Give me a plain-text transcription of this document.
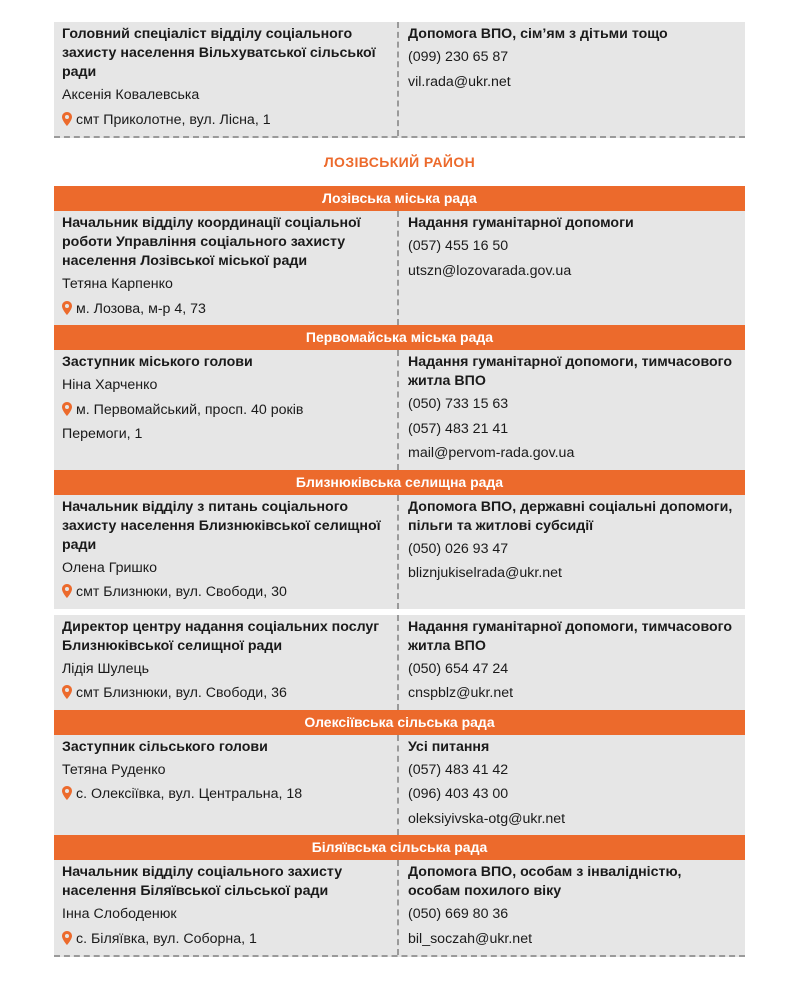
Головний спеціаліст відділу соціального захисту населення Вільхуватської сільської ради

Аксенія Ковалевська

смт Приколотне, вул. Лісна, 1

Допомога ВПО, сім’ям з дітьми тощо

(099) 230 65 87

vil.rada@ukr.net

ЛОЗІВСЬКИЙ РАЙОН
Лозівська міська рада

Начальник відділу координації соціальної роботи Управління соціального захисту населення Лозівської міської ради

Тетяна Карпенко

м. Лозова, м-р 4, 73

Надання гуманітарної допомоги

(057) 455 16 50

utszn@lozovarada.gov.ua

Первомайська міська рада

Заступник міського голови

Ніна Харченко

м. Первомайський, просп. 40 років

Перемоги, 1

Надання гуманітарної допомоги, тимчасового житла ВПО

(050) 733 15 63

(057) 483 21 41

mail@pervom-rada.gov.ua

Близнюківська селищна рада

Начальник відділу з питань соціального захисту населення Близнюківської селищної ради

Олена Гришко

смт Близнюки, вул. Свободи, 30

Допомога ВПО, державні соціальні допомоги, пільги та житлові субсидії

(050) 026 93 47

bliznjukiselrada@ukr.net

Директор центру надання соціальних послуг Близнюківської селищної ради

Лідія Шулець

смт Близнюки, вул. Свободи, 36

Надання гуманітарної допомоги, тимчасового житла ВПО

(050) 654 47 24

cnspblz@ukr.net

Олексіївська сільська рада

Заступник сільського голови

Тетяна Руденко

с. Олексіївка, вул. Центральна, 18

Усі питання

(057) 483 41 42

(096) 403 43 00

oleksiyivska-otg@ukr.net

Біляївська сільська рада

Начальник відділу соціального захисту населення Біляївської сільської ради

Інна Слободенюк

с. Біляївка, вул. Соборна, 1

Допомога ВПО, особам з інвалідністю, особам похилого віку

(050) 669 80 36

bil_soczah@ukr.net
